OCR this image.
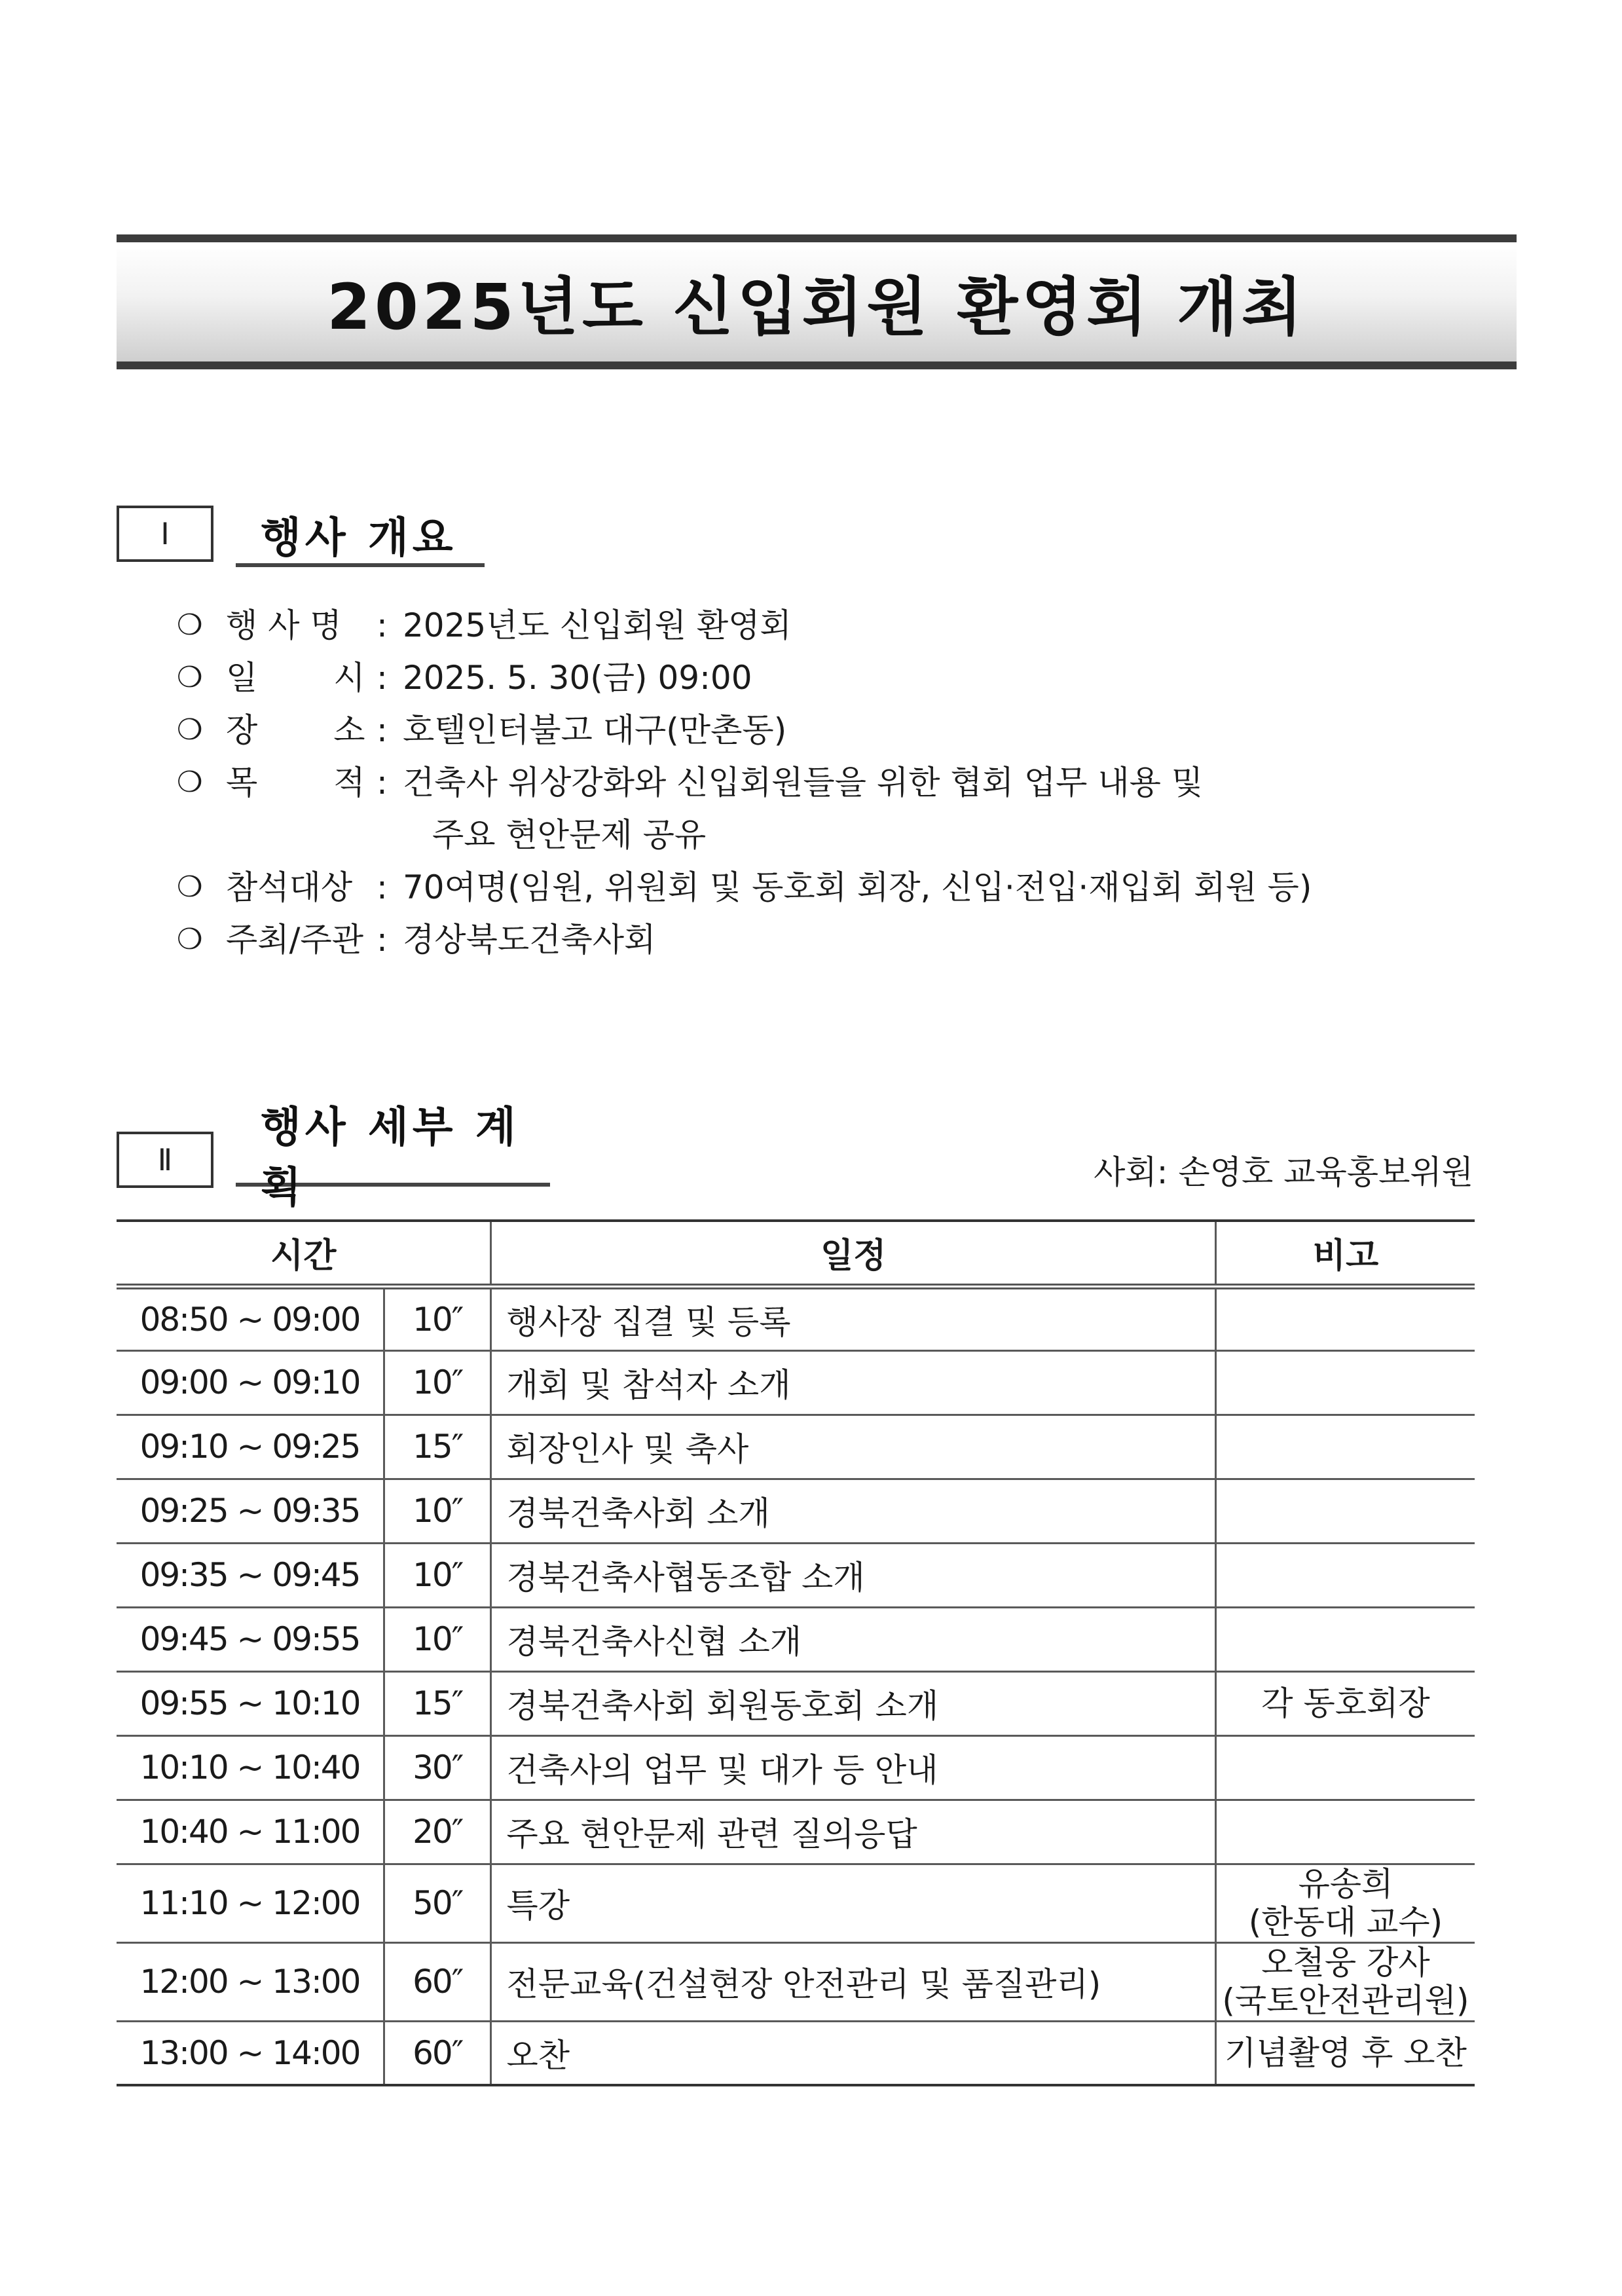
2025년도 신입회원 환영회 개최
Ⅰ	행사 개요
❍ 행 사 명 : 2025년도 신입회원 환영회
❍ 일　　 시 : 2025. 5. 30(금) 09:00
❍ 장　　 소 : 호텔인터불고 대구(만촌동)
❍ 목　　 적 : 건축사 위상강화와 신입회원들을 위한 협회 업무 내용 및
주요 현안문제 공유
❍ 참석대상 : 70여명(임원, 위원회 및 동호회 회장, 신입·전입·재입회 회원 등)
❍ 주최/주관 : 경상북도건축사회
Ⅱ
행사 세부 계획	사회: 손영호 교육홍보위원
시간		일정	비고
08:50 ~ 09:00	10″	행사장 집결 및 등록	

09:00 ~ 09:10	10″	개회 및 참석자 소개	

09:10 ~ 09:25	15″	회장인사 및 축사	

09:25 ~ 09:35	10″	경북건축사회 소개	

09:35 ~ 09:45	10″	경북건축사협동조합 소개	

09:45 ~ 09:55	10″	경북건축사신협 소개	

09:55 ~ 10:10	15″	경북건축사회 회원동호회 소개	각 동호회장

10:10 ~ 10:40	30″	건축사의 업무 및 대가 등 안내	

10:40 ~ 11:00	20″	주요 현안문제 관련 질의응답	

11:10 ~ 12:00	50″	특강	유송희
(한동대 교수)

12:00 ~ 13:00	60″	전문교육(건설현장 안전관리 및 품질관리)	오철웅 강사
(국토안전관리원)

13:00 ~ 14:00	60″	오찬	기념촬영 후 오찬
